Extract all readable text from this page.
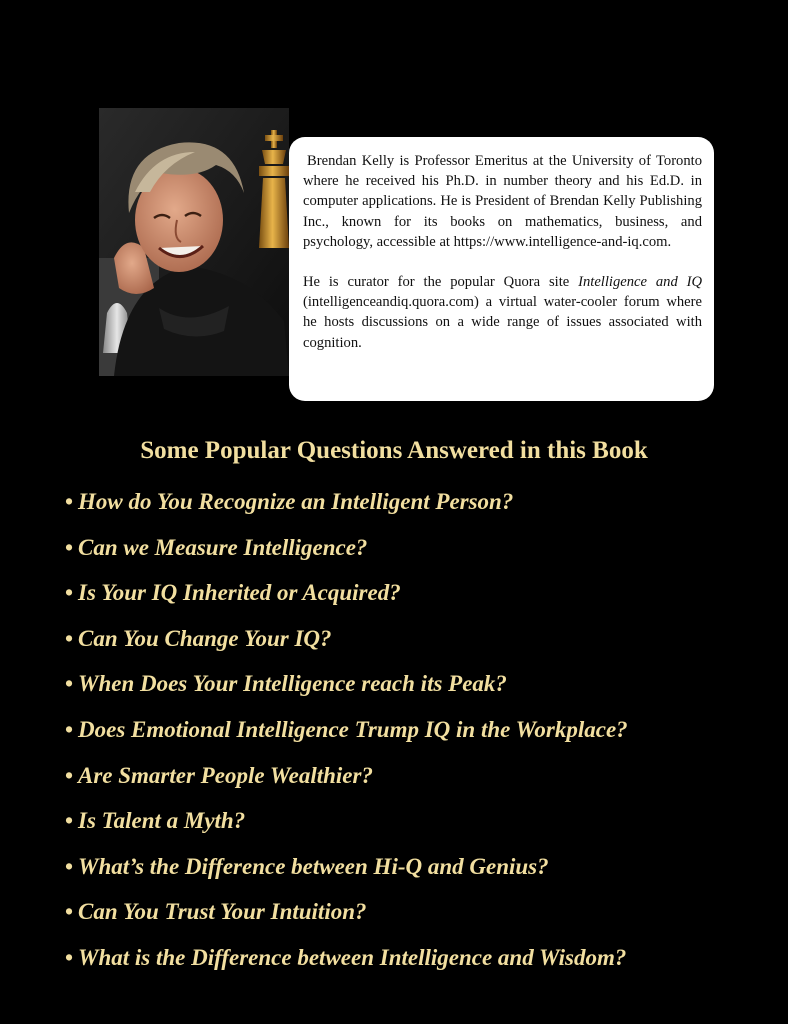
Brendan Kelly is Professor Emeritus at the University of Toronto where he received his Ph.D. in number theory and his Ed.D. in computer applications. He is President of Brendan Kelly Publishing Inc., known for its books on mathematics, business, and psychology, accessible at https://www.intelligence-and-iq.com.

He is curator for the popular Quora site Intelligence and IQ (intelligenceandiq.quora.com) a virtual water-cooler forum where he hosts discussions on a wide range of issues associated with cognition.

Some Popular Questions Answered in this Book
• How do You Recognize an Intelligent Person?
• Can we Measure Intelligence?
• Is Your IQ Inherited or Acquired?
• Can You Change Your IQ?
• When Does Your Intelligence reach its Peak?
• Does Emotional Intelligence Trump IQ in the Workplace?
• Are Smarter People Wealthier?
• Is Talent a Myth?
• What’s the Difference between Hi-Q and Genius?
• Can You Trust Your Intuition?
• What is the Difference between Intelligence and Wisdom?
